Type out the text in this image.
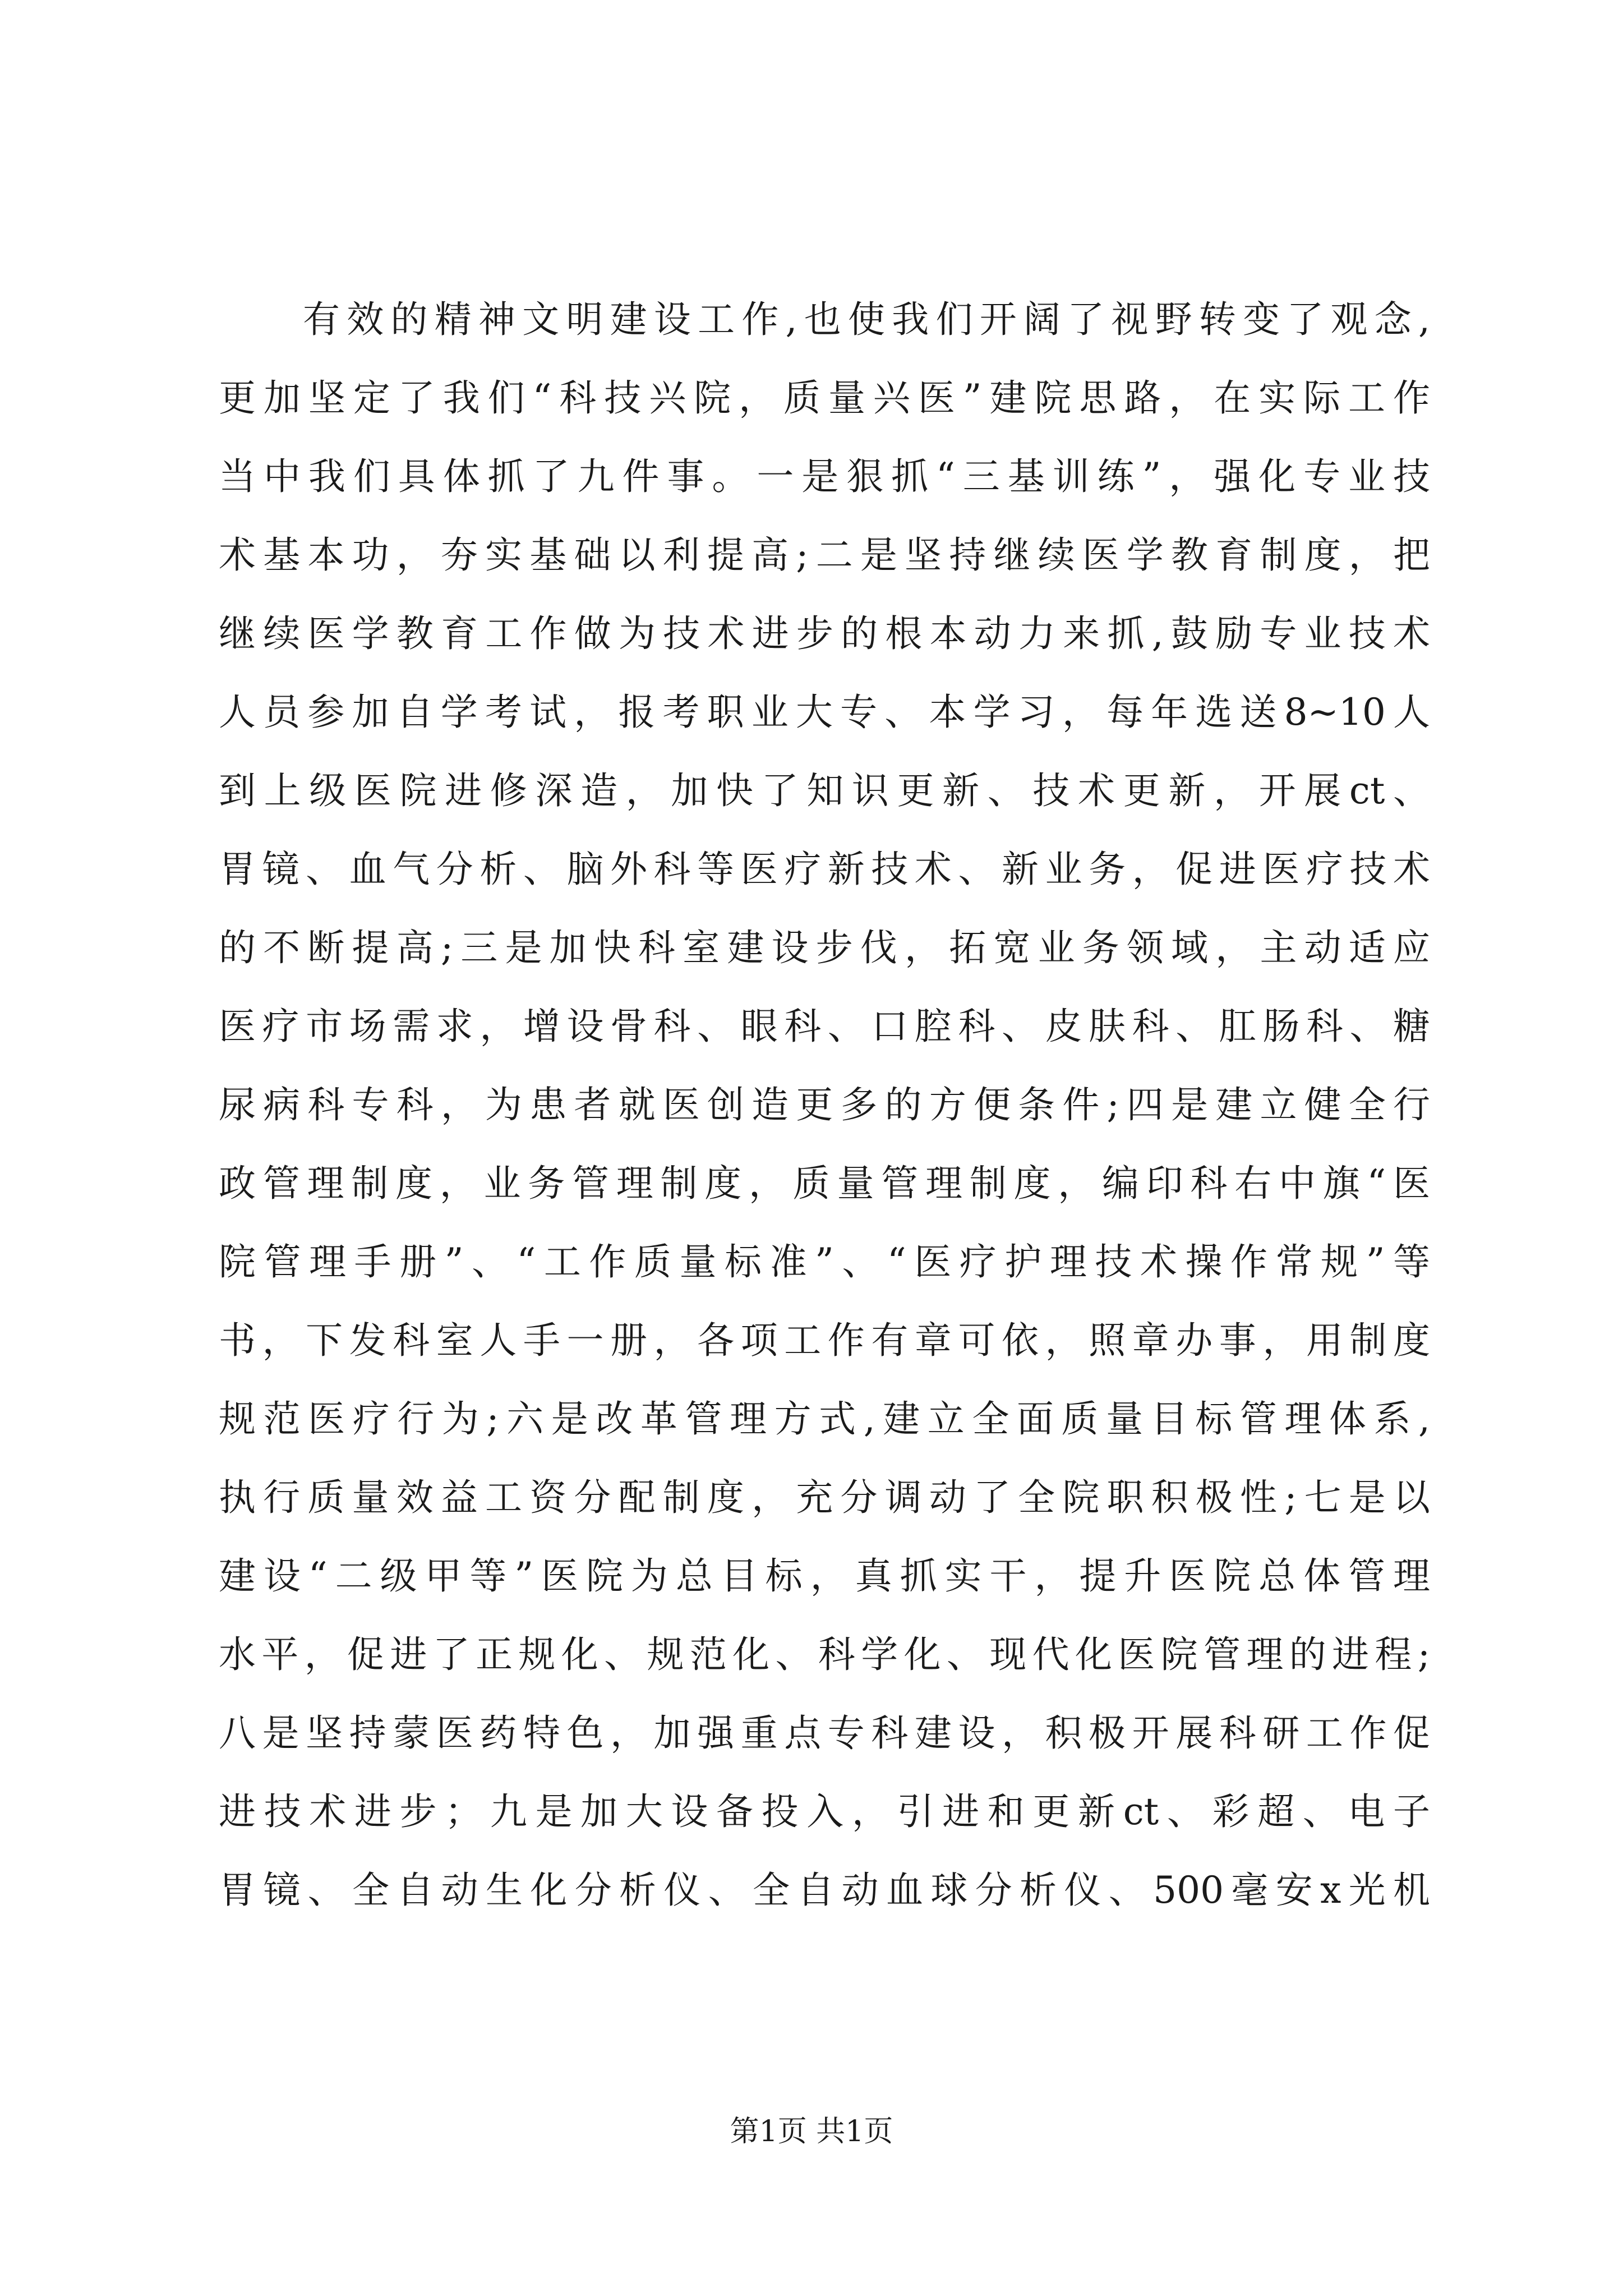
有效的精神文明建设工作,也使我们开阔了视野转变了观念,
更加坚定了我们“科技兴院，质量兴医”建院思路，在实际工作
当中我们具体抓了九件事。一是狠抓“三基训练”，强化专业技
术基本功，夯实基础以利提高;二是坚持继续医学教育制度，把
继续医学教育工作做为技术进步的根本动力来抓,鼓励专业技术
人员参加自学考试，报考职业大专、本学习，每年选送8~10人
到上级医院进修深造，加快了知识更新、技术更新，开展ct、
胃镜、血气分析、脑外科等医疗新技术、新业务，促进医疗技术
的不断提高;三是加快科室建设步伐，拓宽业务领域，主动适应
医疗市场需求，增设骨科、眼科、口腔科、皮肤科、肛肠科、糖
尿病科专科，为患者就医创造更多的方便条件;四是建立健全行
政管理制度，业务管理制度，质量管理制度，编印科右中旗“医
院管理手册”、“工作质量标准”、“医疗护理技术操作常规”等
书，下发科室人手一册，各项工作有章可依，照章办事，用制度
规范医疗行为;六是改革管理方式,建立全面质量目标管理体系,
执行质量效益工资分配制度，充分调动了全院职积极性;七是以
建设“二级甲等”医院为总目标，真抓实干，提升医院总体管理
水平，促进了正规化、规范化、科学化、现代化医院管理的进程;
八是坚持蒙医药特色，加强重点专科建设，积极开展科研工作促
进技术进步；九是加大设备投入，引进和更新ct、彩超、电子
胃镜、全自动生化分析仪、全自动血球分析仪、500毫安x光机
第1页 共1页
